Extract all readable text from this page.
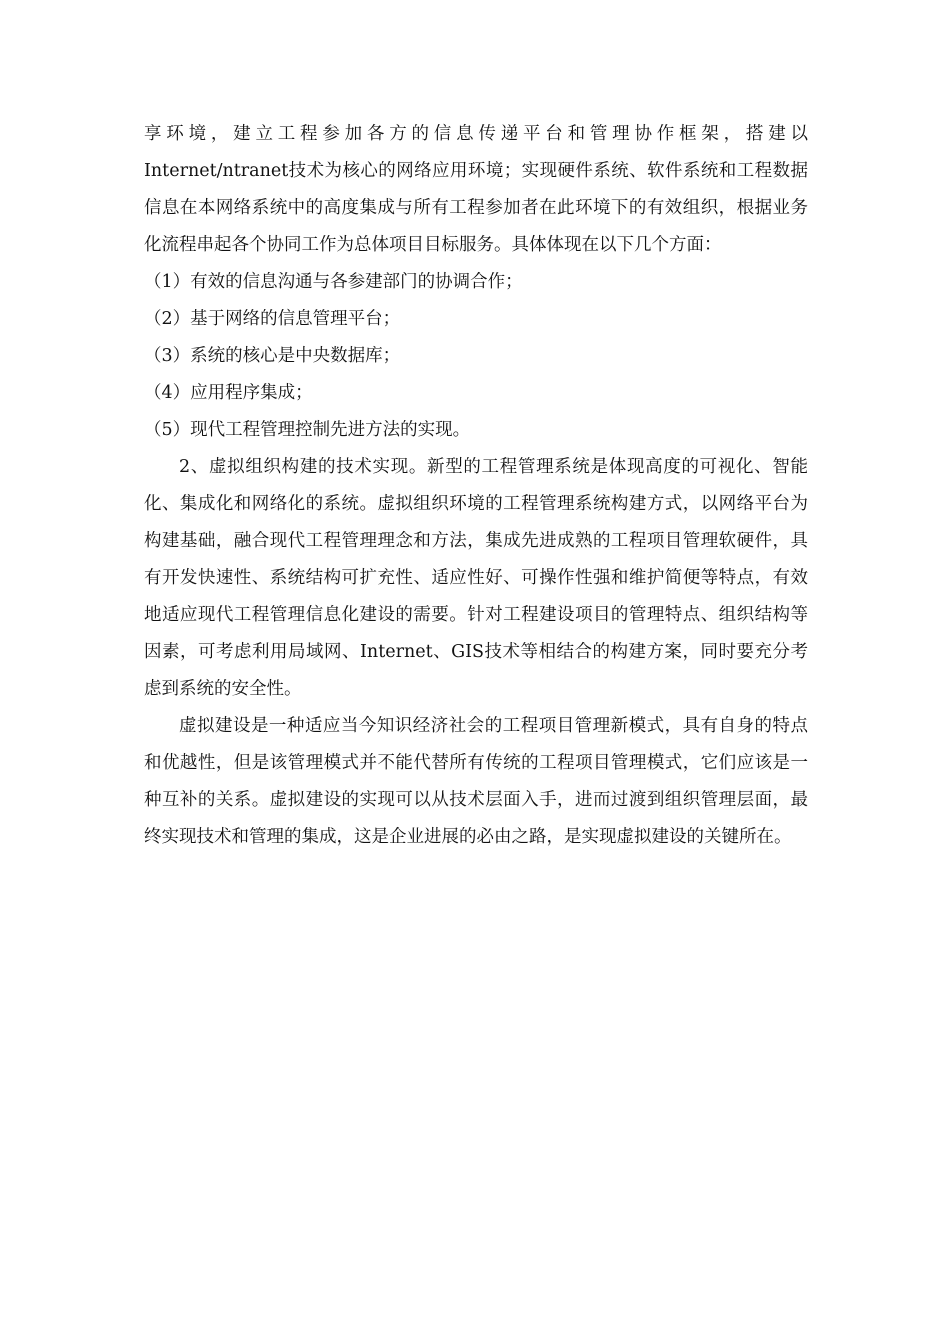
享环境，建立工程参加各方的信息传递平台和管理协作框架，搭建以Internet/ntranet技术为核心的网络应用环境；实现硬件系统、软件系统和工程数据信息在本网络系统中的高度集成与所有工程参加者在此环境下的有效组织，根据业务化流程串起各个协同工作为总体项目目标服务。具体体现在以下几个方面：

（1）有效的信息沟通与各参建部门的协调合作；

（2）基于网络的信息管理平台；

（3）系统的核心是中央数据库；

（4）应用程序集成；

（5）现代工程管理控制先进方法的实现。

2、虚拟组织构建的技术实现。新型的工程管理系统是体现高度的可视化、智能化、集成化和网络化的系统。虚拟组织环境的工程管理系统构建方式，以网络平台为构建基础，融合现代工程管理理念和方法，集成先进成熟的工程项目管理软硬件，具有开发快速性、系统结构可扩充性、适应性好、可操作性强和维护简便等特点，有效地适应现代工程管理信息化建设的需要。针对工程建设项目的管理特点、组织结构等因素，可考虑利用局域网、Internet、GIS技术等相结合的构建方案，同时要充分考虑到系统的安全性。

虚拟建设是一种适应当今知识经济社会的工程项目管理新模式，具有自身的特点和优越性，但是该管理模式并不能代替所有传统的工程项目管理模式，它们应该是一种互补的关系。虚拟建设的实现可以从技术层面入手，进而过渡到组织管理层面，最终实现技术和管理的集成，这是企业进展的必由之路，是实现虚拟建设的关键所在。
